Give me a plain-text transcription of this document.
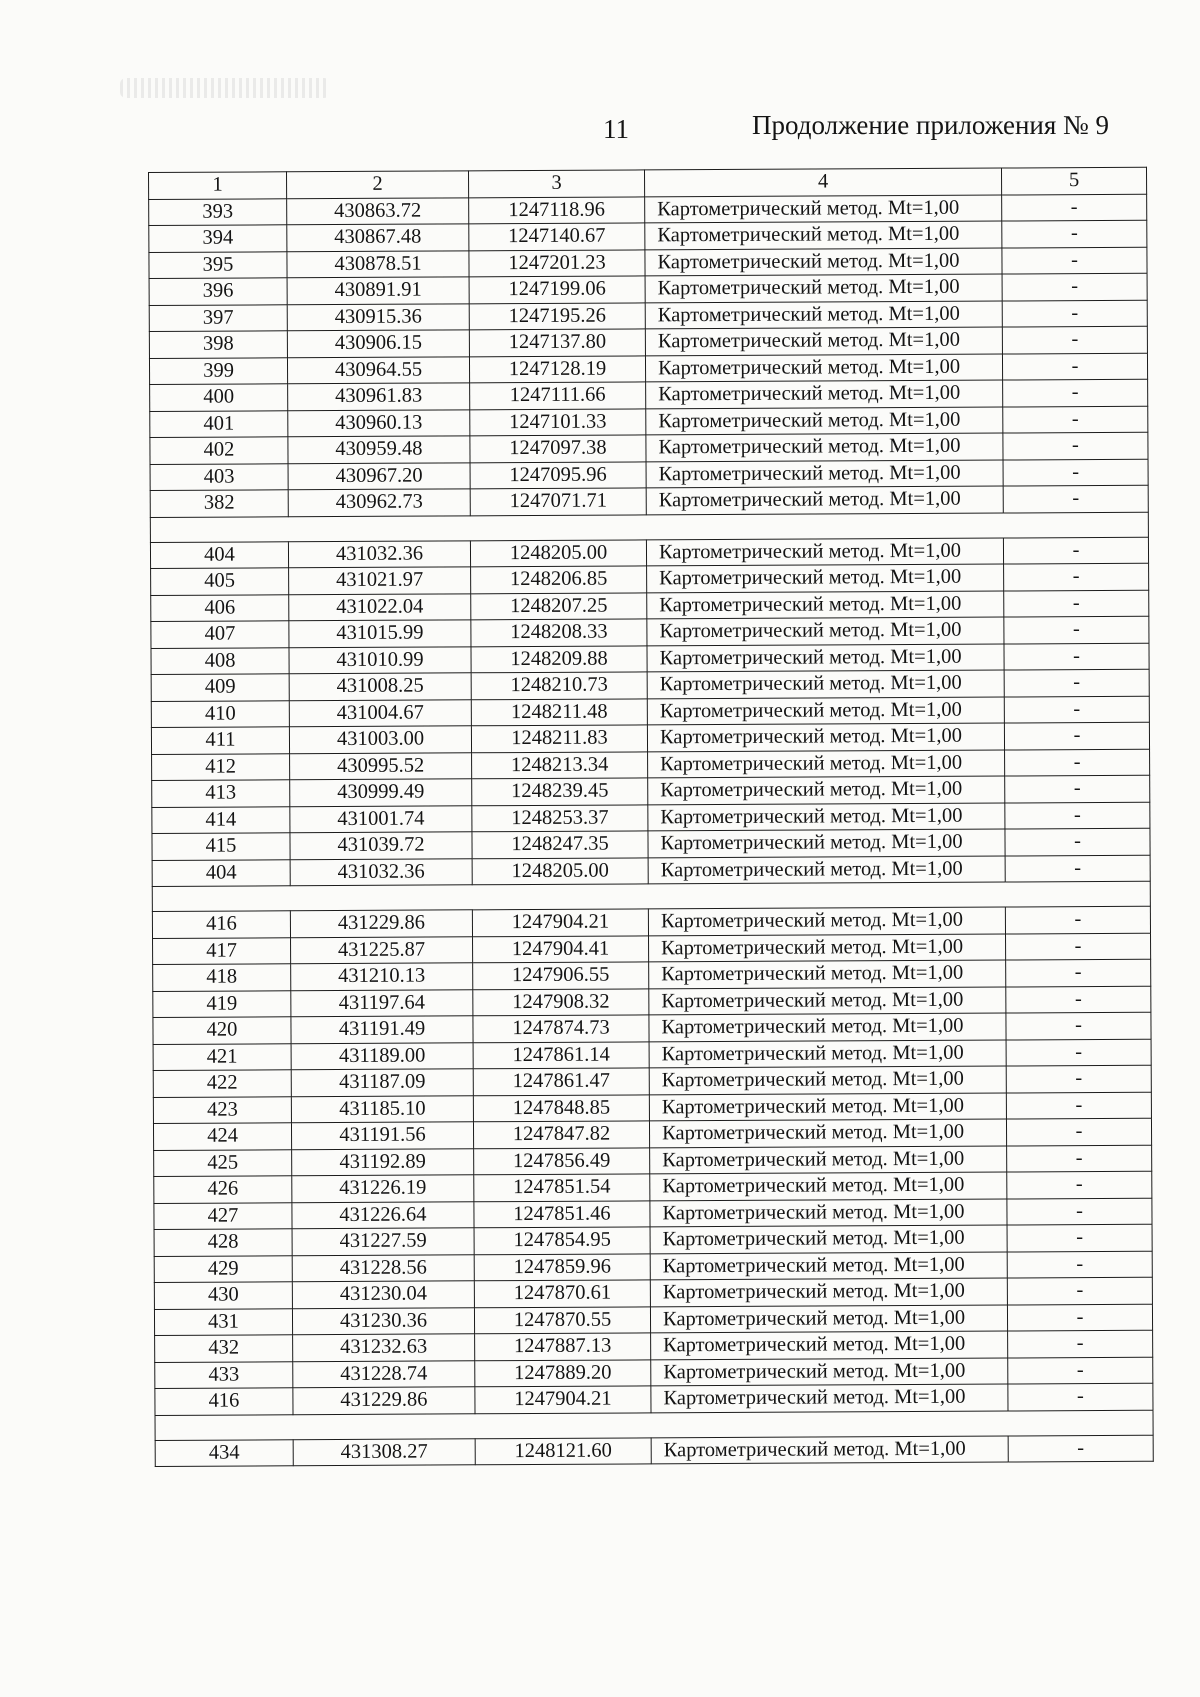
11	Продолжение приложения № 9
1	2	3	4	5
393	430863.72	1247118.96	Картометрический метод. Mt=1,00	-
394	430867.48	1247140.67	Картометрический метод. Mt=1,00	-
395	430878.51	1247201.23	Картометрический метод. Mt=1,00	-
396	430891.91	1247199.06	Картометрический метод. Mt=1,00	-
397	430915.36	1247195.26	Картометрический метод. Mt=1,00	-
398	430906.15	1247137.80	Картометрический метод. Mt=1,00	-
399	430964.55	1247128.19	Картометрический метод. Mt=1,00	-
400	430961.83	1247111.66	Картометрический метод. Mt=1,00	-
401	430960.13	1247101.33	Картометрический метод. Mt=1,00	-
402	430959.48	1247097.38	Картометрический метод. Mt=1,00	-
403	430967.20	1247095.96	Картометрический метод. Mt=1,00	-
382	430962.73	1247071.71	Картометрический метод. Mt=1,00	-

404	431032.36	1248205.00	Картометрический метод. Mt=1,00	-
405	431021.97	1248206.85	Картометрический метод. Mt=1,00	-
406	431022.04	1248207.25	Картометрический метод. Mt=1,00	-
407	431015.99	1248208.33	Картометрический метод. Mt=1,00	-
408	431010.99	1248209.88	Картометрический метод. Mt=1,00	-
409	431008.25	1248210.73	Картометрический метод. Mt=1,00	-
410	431004.67	1248211.48	Картометрический метод. Mt=1,00	-
411	431003.00	1248211.83	Картометрический метод. Mt=1,00	-
412	430995.52	1248213.34	Картометрический метод. Mt=1,00	-
413	430999.49	1248239.45	Картометрический метод. Mt=1,00	-
414	431001.74	1248253.37	Картометрический метод. Mt=1,00	-
415	431039.72	1248247.35	Картометрический метод. Mt=1,00	-
404	431032.36	1248205.00	Картометрический метод. Mt=1,00	-

416	431229.86	1247904.21	Картометрический метод. Mt=1,00	-
417	431225.87	1247904.41	Картометрический метод. Mt=1,00	-
418	431210.13	1247906.55	Картометрический метод. Mt=1,00	-
419	431197.64	1247908.32	Картометрический метод. Mt=1,00	-
420	431191.49	1247874.73	Картометрический метод. Mt=1,00	-
421	431189.00	1247861.14	Картометрический метод. Mt=1,00	-
422	431187.09	1247861.47	Картометрический метод. Mt=1,00	-
423	431185.10	1247848.85	Картометрический метод. Mt=1,00	-
424	431191.56	1247847.82	Картометрический метод. Mt=1,00	-
425	431192.89	1247856.49	Картометрический метод. Mt=1,00	-
426	431226.19	1247851.54	Картометрический метод. Mt=1,00	-
427	431226.64	1247851.46	Картометрический метод. Mt=1,00	-
428	431227.59	1247854.95	Картометрический метод. Mt=1,00	-
429	431228.56	1247859.96	Картометрический метод. Mt=1,00	-
430	431230.04	1247870.61	Картометрический метод. Mt=1,00	-
431	431230.36	1247870.55	Картометрический метод. Mt=1,00	-
432	431232.63	1247887.13	Картометрический метод. Mt=1,00	-
433	431228.74	1247889.20	Картометрический метод. Mt=1,00	-
416	431229.86	1247904.21	Картометрический метод. Mt=1,00	-

434	431308.27	1248121.60	Картометрический метод. Mt=1,00	-
